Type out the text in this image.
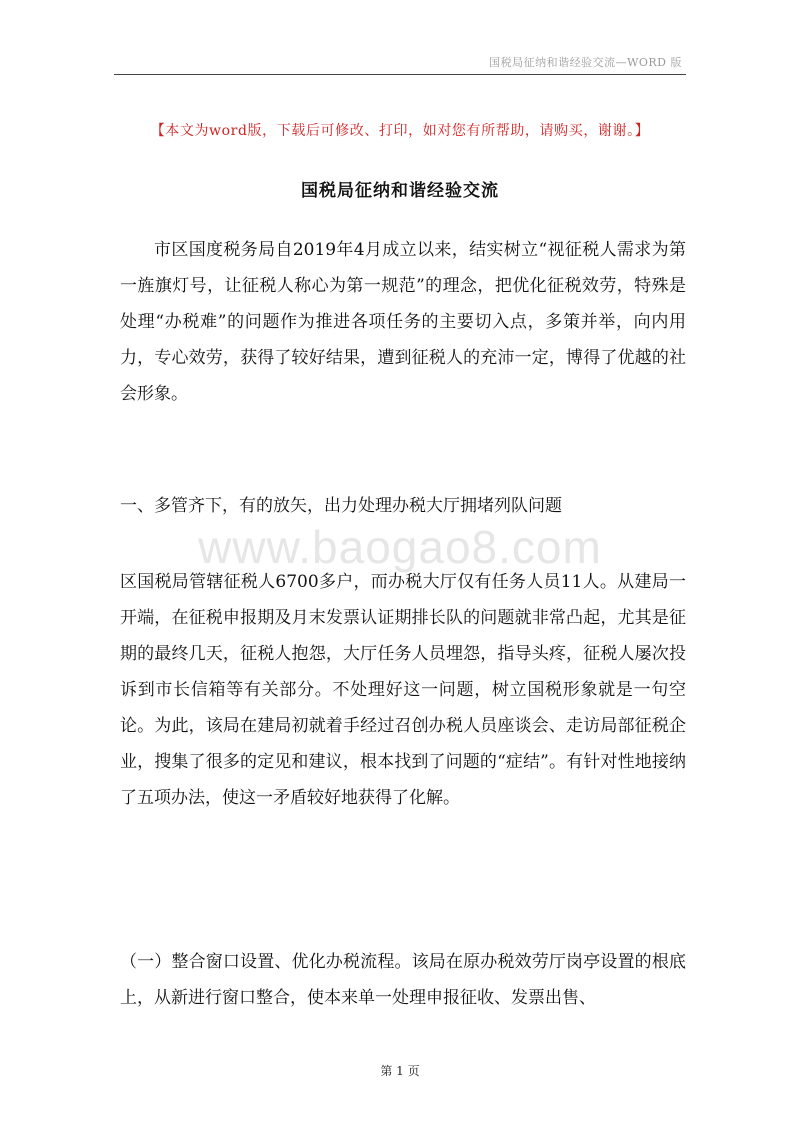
国税局征纳和谐经验交流—WORD 版
【本文为word版，下载后可修改、打印，如对您有所帮助，请购买，谢谢。】
国税局征纳和谐经验交流
市区国度税务局自2019年4月成立以来，结实树立“视征税人需求为第一旌旗灯号，让征税人称心为第一规范”的理念，把优化征税效劳，特殊是处理“办税难”的问题作为推进各项任务的主要切入点，多策并举，向内用力，专心效劳，获得了较好结果，遭到征税人的充沛一定，博得了优越的社会形象。
一、多管齐下，有的放矢，出力处理办税大厅拥堵列队问题
www.baogao8.com
区国税局管辖征税人6700多户，而办税大厅仅有任务人员11人。从建局一开端，在征税申报期及月末发票认证期排长队的问题就非常凸起，尤其是征期的最终几天，征税人抱怨，大厅任务人员埋怨，指导头疼，征税人屡次投诉到市长信箱等有关部分。不处理好这一问题，树立国税形象就是一句空论。为此，该局在建局初就着手经过召创办税人员座谈会、走访局部征税企业，搜集了很多的定见和建议，根本找到了问题的“症结”。有针对性地接纳了五项办法，使这一矛盾较好地获得了化解。
（一）整合窗口设置、优化办税流程。该局在原办税效劳厅岗亭设置的根底上，从新进行窗口整合，使本来单一处理申报征收、发票出售、
第 1 页
